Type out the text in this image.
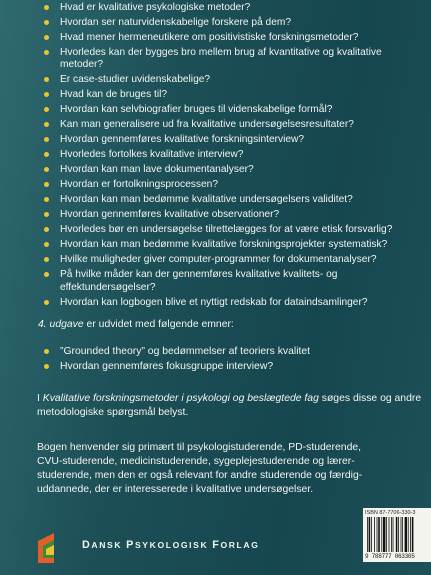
Hvad er kvalitative psykologiske metoder?
Hvordan ser naturvidenskabelige forskere på dem?
Hvad mener hermeneutikere om positivistiske forskningsmetoder?
Hvorledes kan der bygges bro mellem brug af kvantitative og kvalitative metoder?
Er case-studier uvidenskabelige?
Hvad kan de bruges til?
Hvordan kan selvbiografier bruges til videnskabelige formål?
Kan man generalisere ud fra kvalitative undersøgelsesresultater?
Hvordan gennemføres kvalitative forskningsinterview?
Hvorledes fortolkes kvalitative interview?
Hvordan kan man lave dokumentanalyser?
Hvordan er fortolkningsprocessen?
Hvordan kan man bedømme kvalitative undersøgelsers validitet?
Hvordan gennemføres kvalitative observationer?
Hvorledes bør en undersøgelse tilrettelægges for at være etisk forsvarlig?
Hvordan kan man bedømme kvalitative forskningsprojekter systematisk?
Hvilke muligheder giver computer-programmer for dokumentanalyser?
På hvilke måder kan der gennemføres kvalitative kvalitets- og effektundersøgelser?
Hvordan kan logbogen blive et nyttigt redskab for dataindsamlinger?
4. udgave er udvidet med følgende emner:
”Grounded theory” og bedømmelser af teoriers kvalitet
Hvordan gennemføres fokusgruppe interview?
I Kvalitative forskningsmetoder i psykologi og beslægtede fag søges disse og andre metodologiske spørgsmål belyst.
Bogen henvender sig primært til psykologistuderende, PD-studerende, CVU-studerende, medicinstuderende, sygeplejestuderende og lærer-studerende, men den er også relevant for andre studerende og færdig-uddannede, der er interesserede i kvalitative undersøgelser.
ISBN 87-7706-330-3
9 788777 063305
DANSK PSYKOLOGISK FORLAG
